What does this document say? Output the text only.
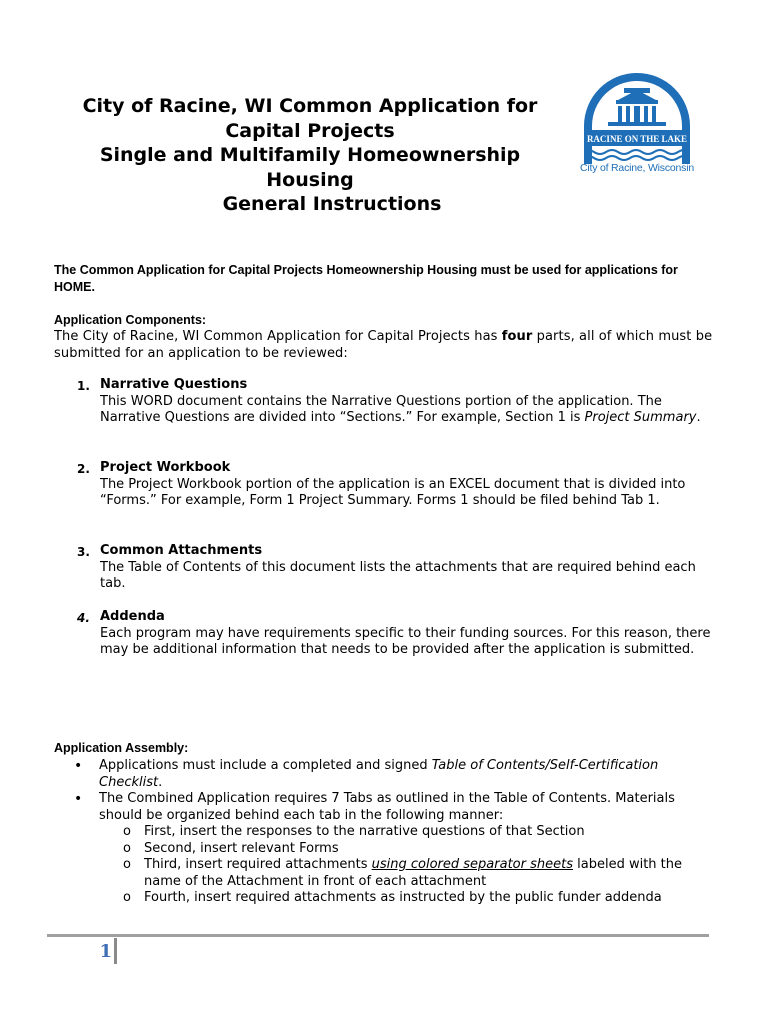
City of Racine, WI Common Application for
Capital Projects
Single and Multifamily Homeownership
Housing
General Instructions
RACINE ON THE LAKE
City of Racine, Wisconsin
The Common Application for Capital Projects Homeownership Housing must be used for applications for HOME.
Application Components:
The City of Racine, WI Common Application for Capital Projects has four parts, all of which must be submitted for an application to be reviewed:
1. Narrative Questions
This WORD document contains the Narrative Questions portion of the application. The Narrative Questions are divided into “Sections.” For example, Section 1 is Project Summary.
2. Project Workbook
The Project Workbook portion of the application is an EXCEL document that is divided into “Forms.” For example, Form 1 Project Summary. Forms 1 should be filed behind Tab 1.
3. Common Attachments
The Table of Contents of this document lists the attachments that are required behind each tab.
4. Addenda
Each program may have requirements specific to their funding sources. For this reason, there may be additional information that needs to be provided after the application is submitted.
Application Assembly:
• Applications must include a completed and signed Table of Contents/Self-Certification Checklist.
• The Combined Application requires 7 Tabs as outlined in the Table of Contents. Materials should be organized behind each tab in the following manner:
o First, insert the responses to the narrative questions of that Section
o Second, insert relevant Forms
o Third, insert required attachments using colored separator sheets labeled with the name of the Attachment in front of each attachment
o Fourth, insert required attachments as instructed by the public funder addenda
1
